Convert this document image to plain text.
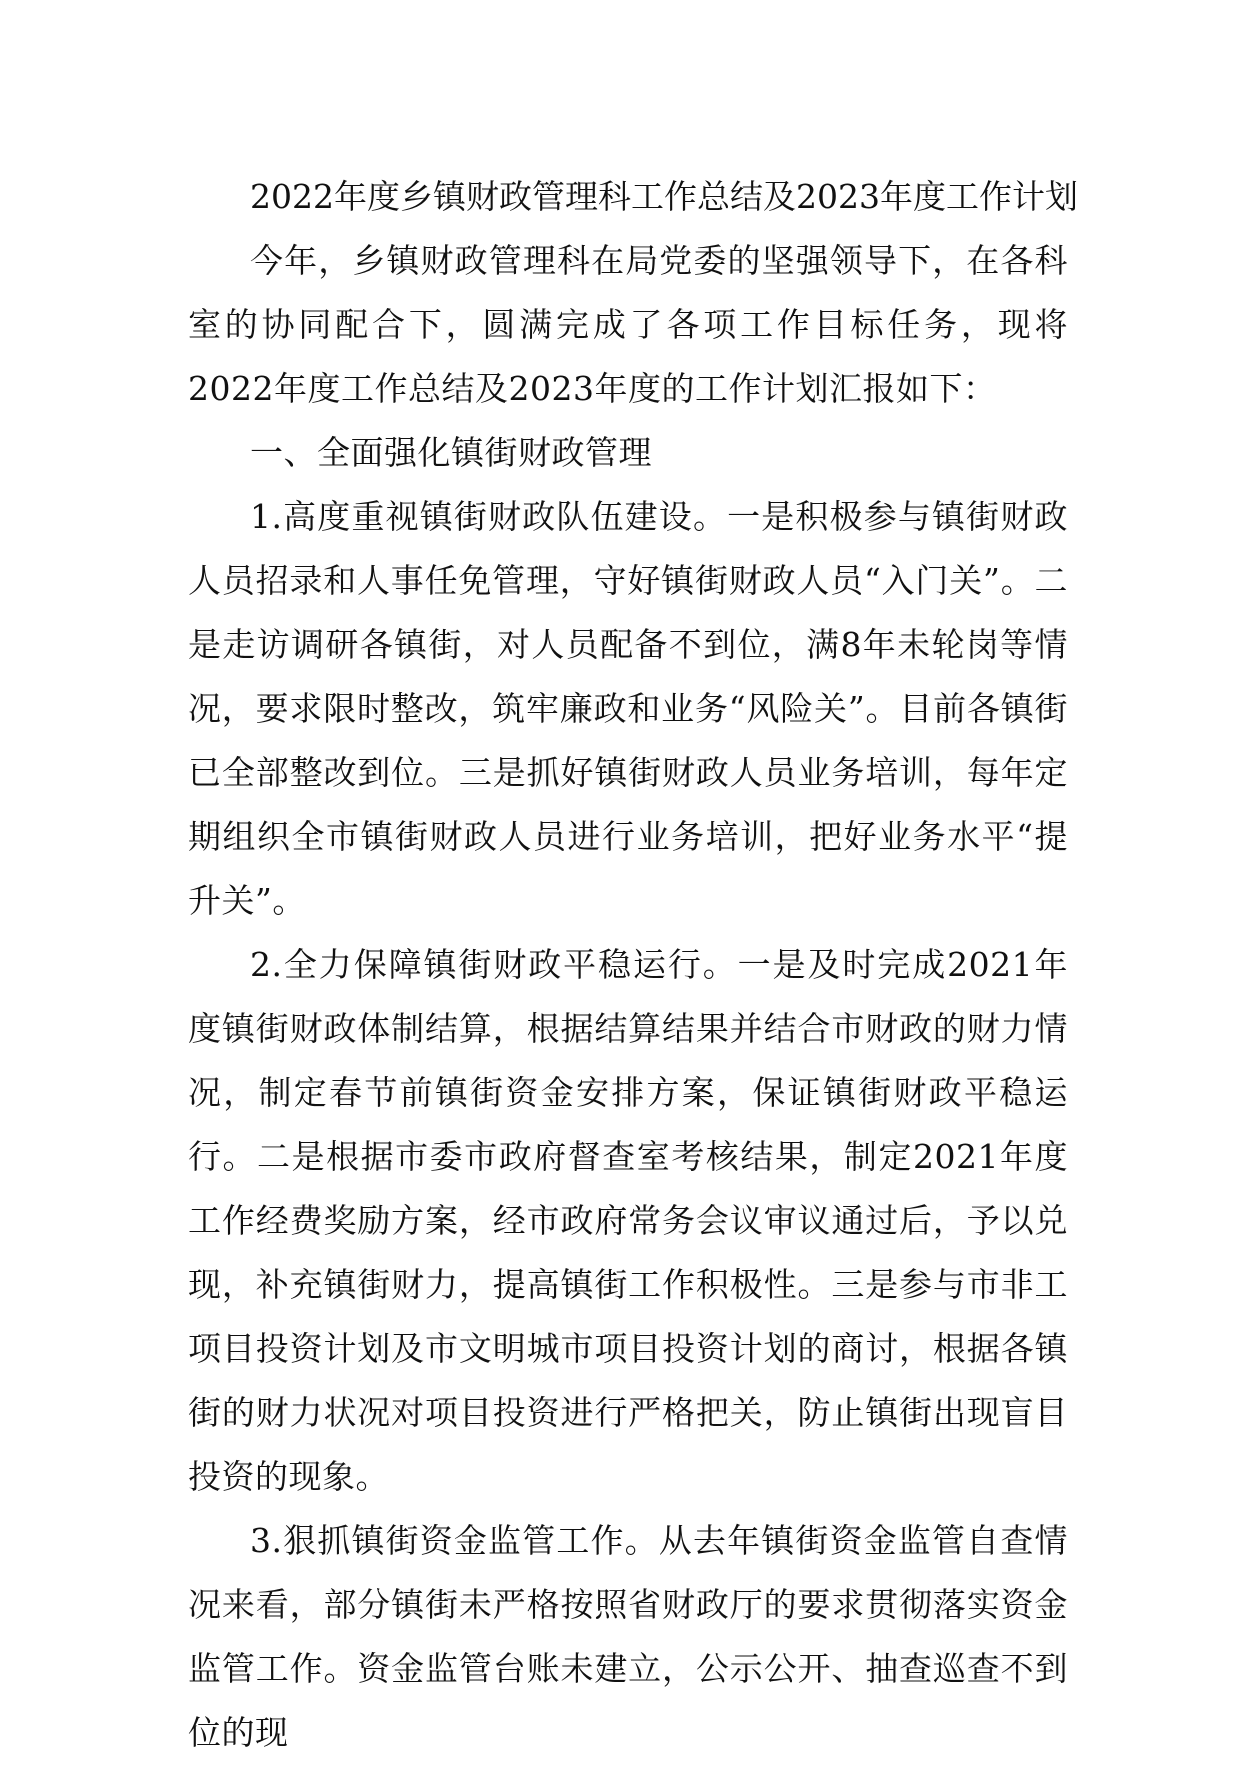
2022年度乡镇财政管理科工作总结及2023年度工作计划

今年，乡镇财政管理科在局党委的坚强领导下，在各科室的协同配合下，圆满完成了各项工作目标任务，现将2022年度工作总结及2023年度的工作计划汇报如下：

一、全面强化镇街财政管理

1.高度重视镇街财政队伍建设。一是积极参与镇街财政人员招录和人事任免管理，守好镇街财政人员“入门关”。二是走访调研各镇街，对人员配备不到位，满8年未轮岗等情况，要求限时整改，筑牢廉政和业务“风险关”。目前各镇街已全部整改到位。三是抓好镇街财政人员业务培训，每年定期组织全市镇街财政人员进行业务培训，把好业务水平“提升关”。

2.全力保障镇街财政平稳运行。一是及时完成2021年度镇街财政体制结算，根据结算结果并结合市财政的财力情况，制定春节前镇街资金安排方案，保证镇街财政平稳运行。二是根据市委市政府督查室考核结果，制定2021年度工作经费奖励方案，经市政府常务会议审议通过后，予以兑现，补充镇街财力，提高镇街工作积极性。三是参与市非工项目投资计划及市文明城市项目投资计划的商讨，根据各镇街的财力状况对项目投资进行严格把关，防止镇街出现盲目投资的现象。

3.狠抓镇街资金监管工作。从去年镇街资金监管自查情况来看，部分镇街未严格按照省财政厅的要求贯彻落实资金监管工作。资金监管台账未建立，公示公开、抽查巡查不到位的现
